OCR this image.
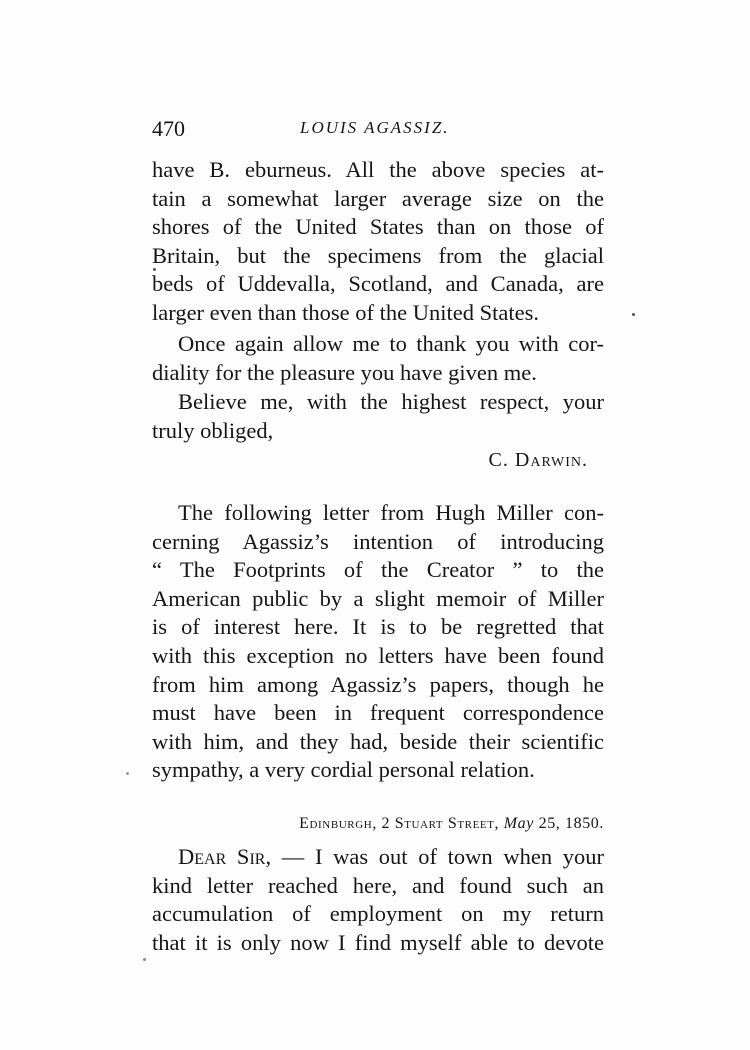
470	LOUIS AGASSIZ.
have B. eburneus. All the above species at-
tain a somewhat larger average size on the
shores of the United States than on those of
Britain, but the specimens from the glacial
beds of Uddevalla, Scotland, and Canada, are
larger even than those of the United States.
Once again allow me to thank you with cor-
diality for the pleasure you have given me.
Believe me, with the highest respect, your
truly obliged,
C. Darwin.
The following letter from Hugh Miller con-
cerning Agassiz’s intention of introducing
“ The Footprints of the Creator ” to the
American public by a slight memoir of Miller
is of interest here. It is to be regretted that
with this exception no letters have been found
from him among Agassiz’s papers, though he
must have been in frequent correspondence
with him, and they had, beside their scientific
sympathy, a very cordial personal relation.
Edinburgh, 2 Stuart Street, May 25, 1850.
Dear Sir, — I was out of town when your
kind letter reached here, and found such an
accumulation of employment on my return
that it is only now I find myself able to devote
